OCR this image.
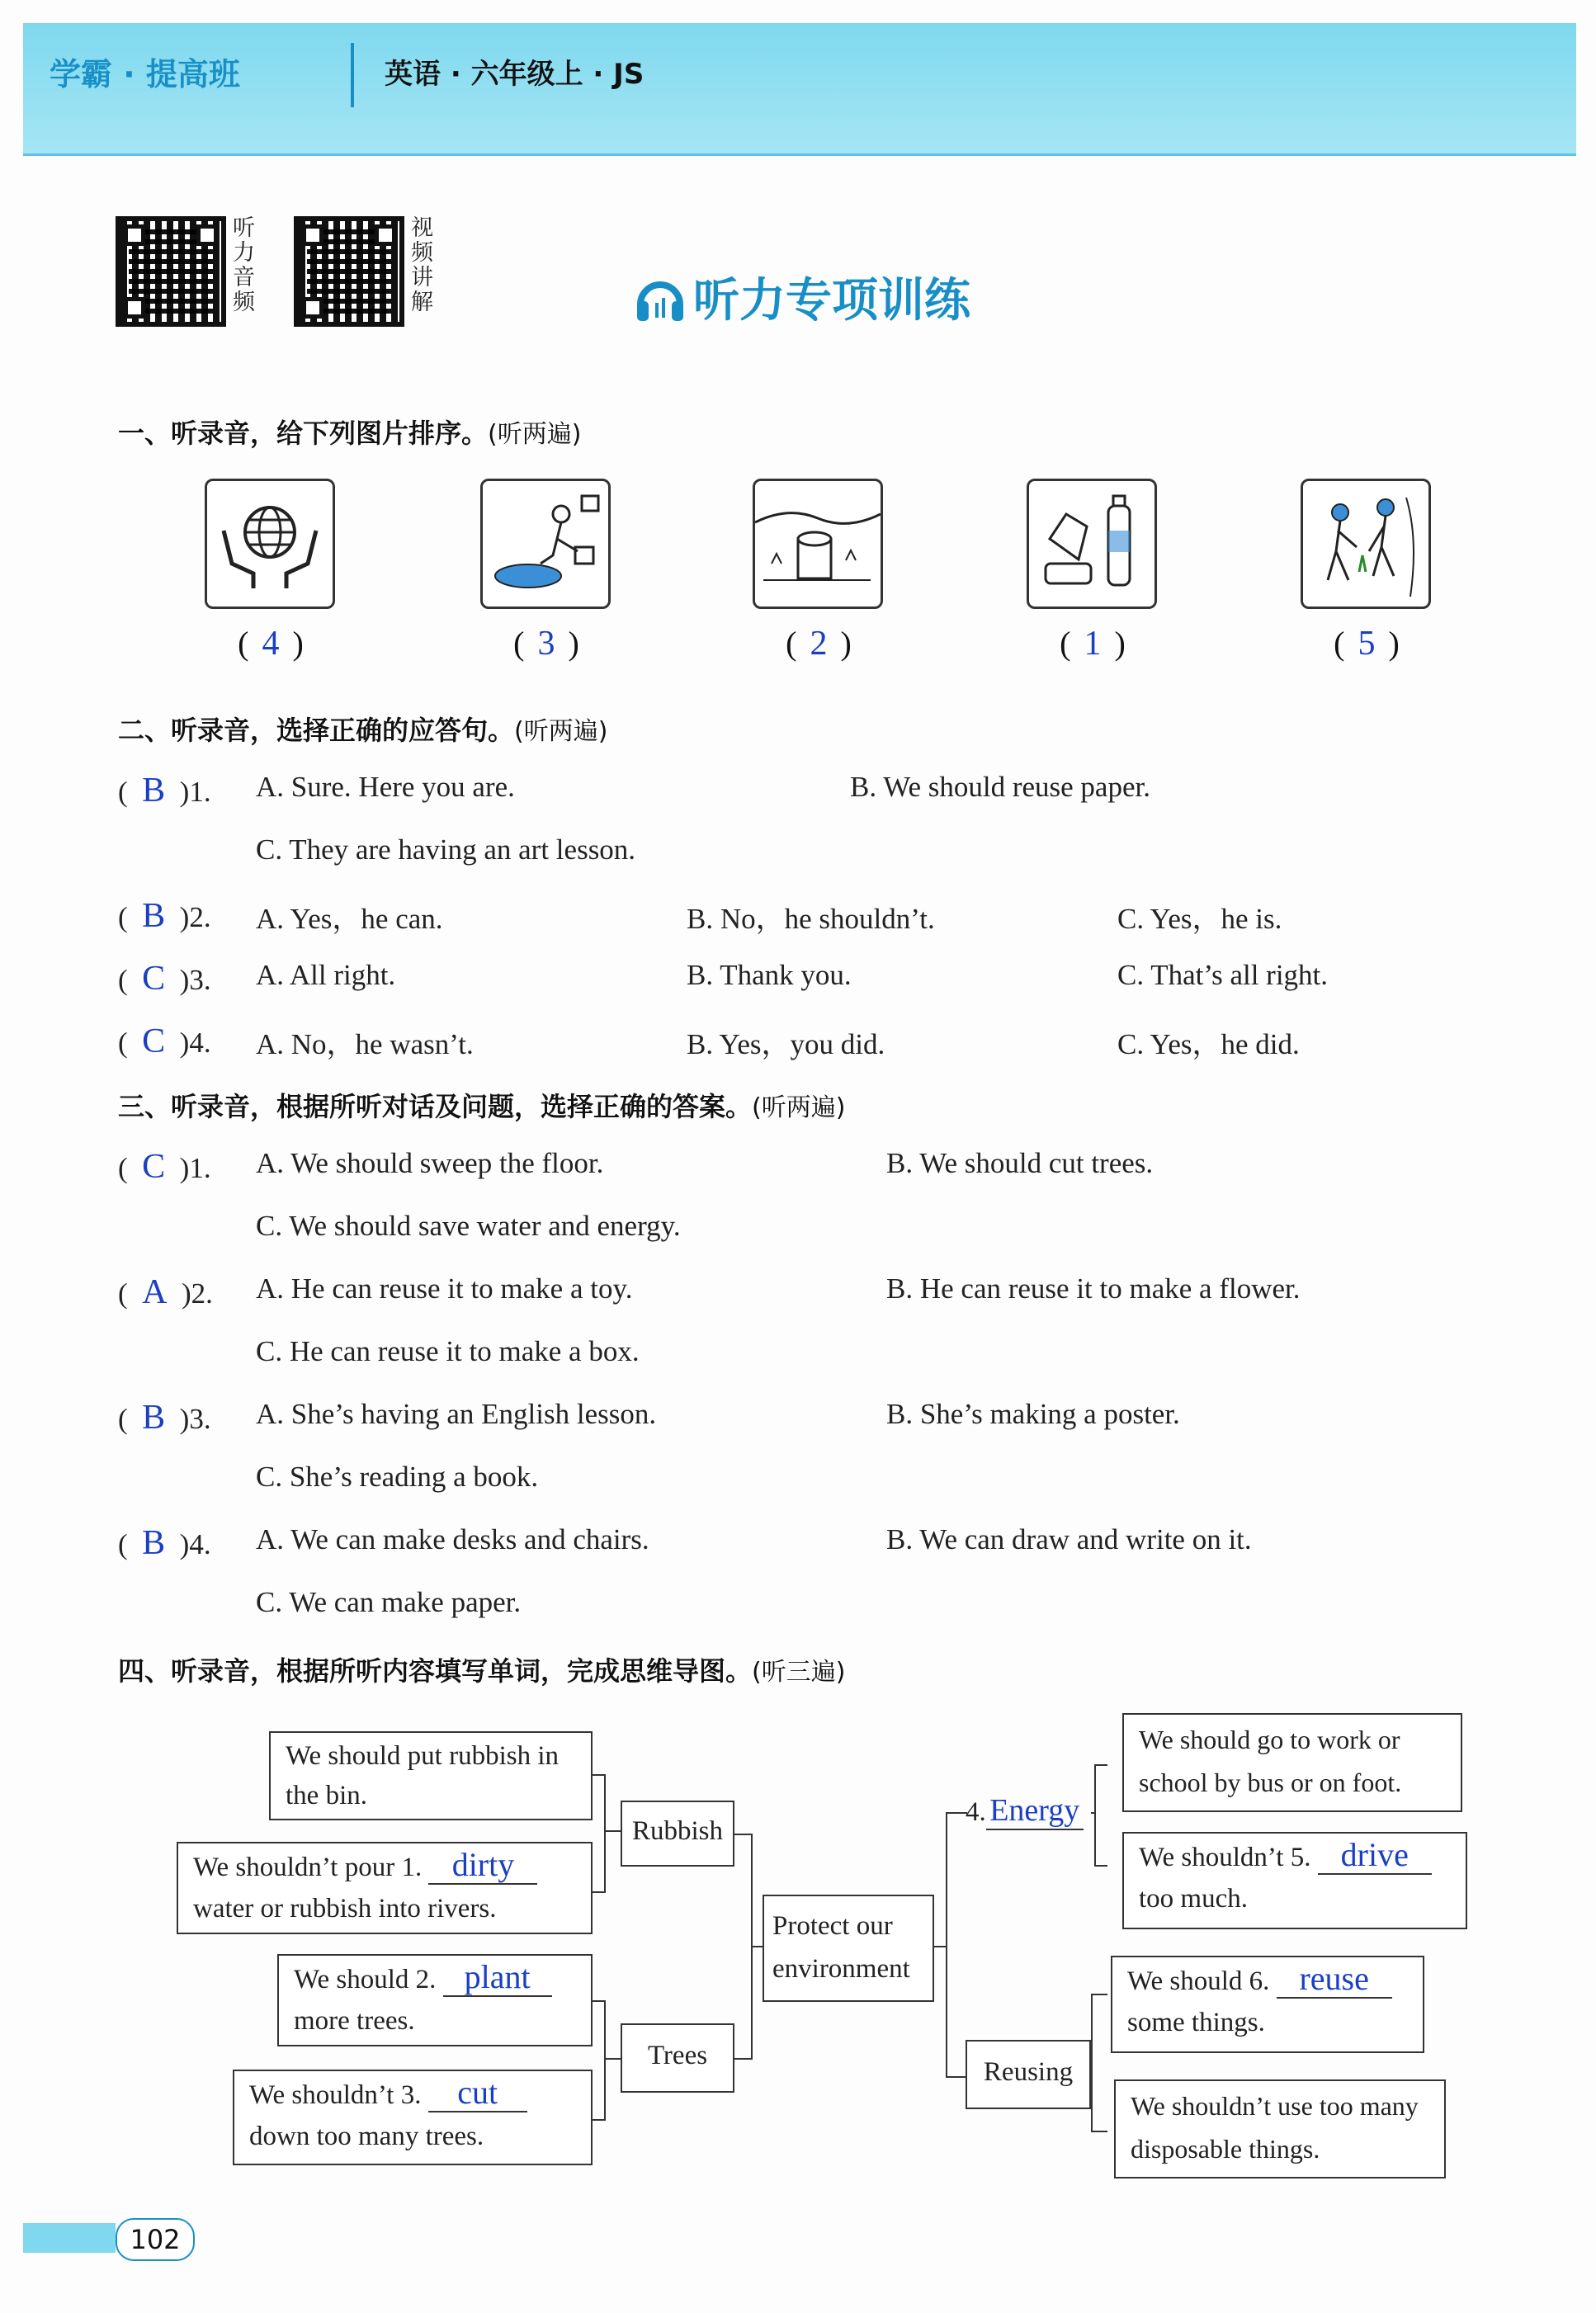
学霸 · 提高班	英语 · 六年级上 · JS
听
力
音
频
视
频
讲
解	听力专项训练
一、听录音，给下列图片排序。(听两遍)
( 4 )	( 3 )	( 2 )	( 1 )	( 5 )
二、听录音，选择正确的应答句。(听两遍)
(  B )1. A. Sure. Here you are.	B. We should reuse paper.
C. They are having an art lesson.
(  B )2. A. Yes，he can.	B. No，he shouldn’t.	C. Yes，he is.
(  C )3. A. All right.	B. Thank you.	C. That’s all right.
(  C )4. A. No，he wasn’t.	B. Yes，you did.	C. Yes，he did.
三、听录音，根据所听对话及问题，选择正确的答案。(听两遍)
(  C )1. A. We should sweep the floor.	B. We should cut trees.
C. We should save water and energy.
(  A )2. A. He can reuse it to make a toy.	B. He can reuse it to make a flower.
C. He can reuse it to make a box.
(  B )3. A. She’s having an English lesson.	B. She’s making a poster.
C. She’s reading a book.
(  B )4. A. We can make desks and chairs.	B. We can draw and write on it.
C. We can make paper.
四、听录音，根据所听内容填写单词，完成思维导图。(听三遍)
We should put rubbish in the bin.
We shouldn’t pour 1. dirty
water or rubbish into rivers.
We should 2. plant
more trees.
We shouldn’t 3. cut
down too many trees.
Rubbish
Trees
Protect our environment
4. Energy
Reusing
We should go to work or school by bus or on foot.
We shouldn’t 5. drive
too much.
We should 6. reuse
some things.
We shouldn’t use too many disposable things.
102
